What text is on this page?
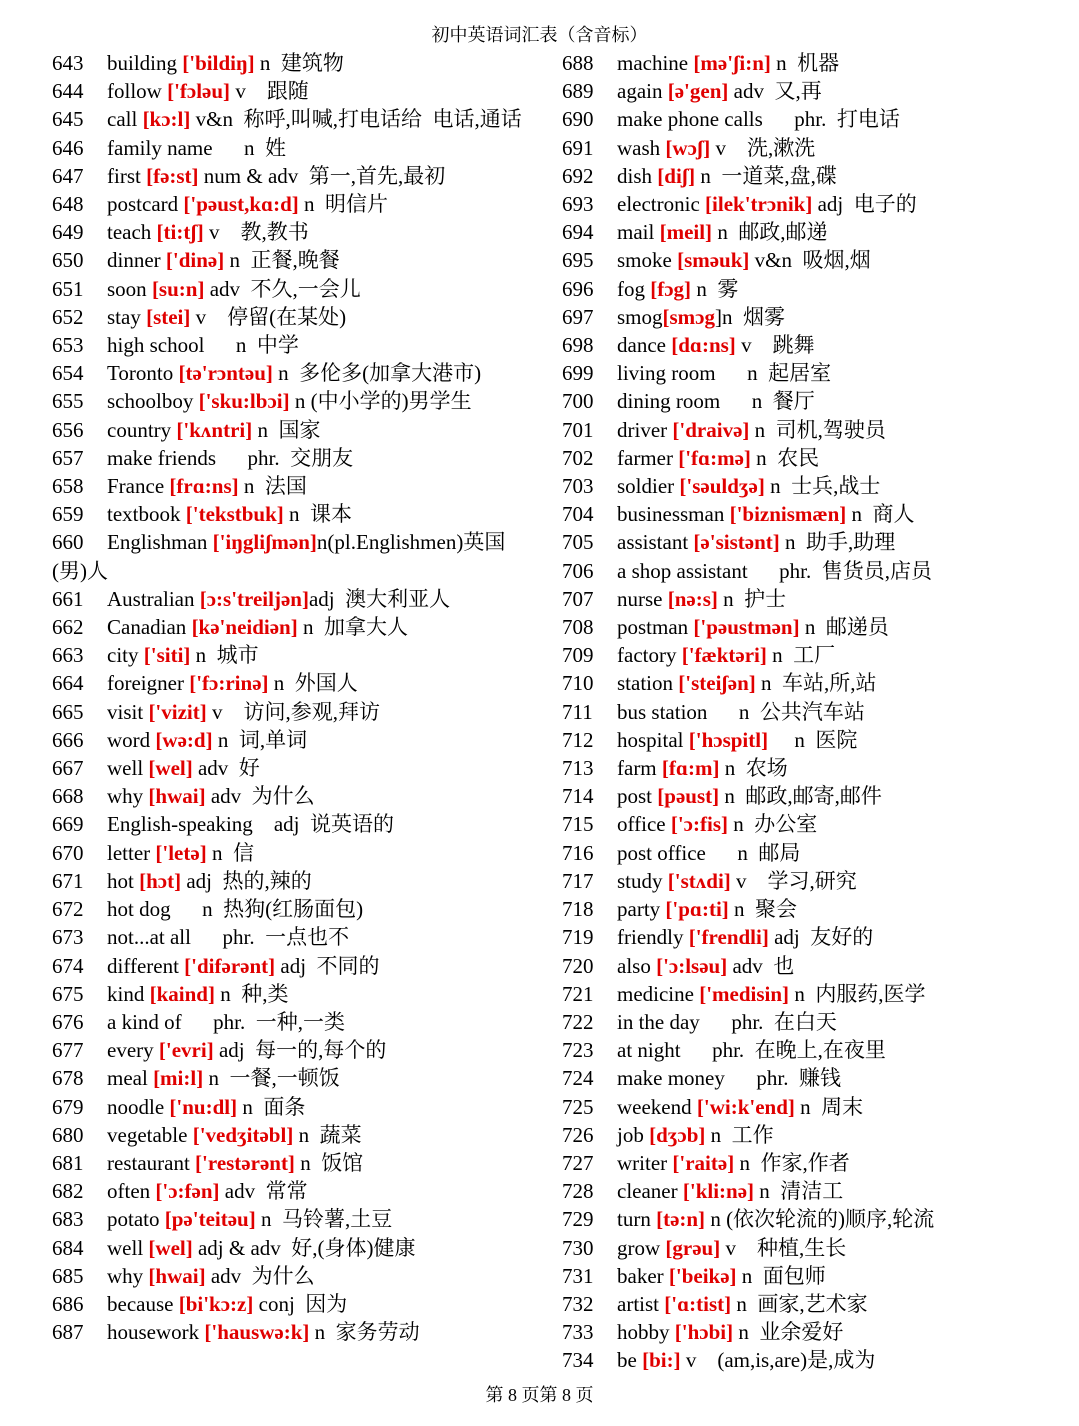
初中英语词汇表（含音标）
643 building ['bildiŋ] n  建筑物
644 follow ['fɔləu] v    跟随
645 call [kɔ:l] v&n  称呼,叫喊,打电话给  电话,通话
646 family name      n  姓
647 first [fə:st] num & adv  第一,首先,最初
648 postcard ['pəust,kɑ:d] n  明信片
649 teach [ti:tʃ] v    教,教书
650 dinner ['dinə] n  正餐,晚餐
651 soon [su:n] adv  不久,一会儿
652 stay [stei] v    停留(在某处)
653 high school      n  中学
654 Toronto [tə'rɔntəu] n  多伦多(加拿大港市)
655 schoolboy ['sku:lbɔi] n (中小学的)男学生
656 country ['kʌntri] n  国家
657 make friends      phr.  交朋友
658 France [frɑ:ns] n  法国
659 textbook ['tekstbuk] n  课本
660 Englishman ['iŋgliʃmən]n(pl.Englishmen)英国(男)人
661 Australian [ɔ:s'treiljən]adj  澳大利亚人
662 Canadian [kə'neidiən] n  加拿大人
663 city ['siti] n  城市
664 foreigner ['fɔ:rinə] n  外国人
665 visit ['vizit] v    访问,参观,拜访
666 word [wə:d] n  词,单词
667 well [wel] adv  好
668 why [hwai] adv  为什么
669 English-speaking    adj  说英语的
670 letter ['letə] n  信
671 hot [hɔt] adj  热的,辣的
672 hot dog      n  热狗(红肠面包)
673 not...at all      phr.  一点也不
674 different ['difərənt] adj  不同的
675 kind [kaind] n  种,类
676 a kind of      phr.  一种,一类
677 every ['evri] adj  每一的,每个的
678 meal [mi:l] n  一餐,一顿饭
679 noodle ['nu:dl] n  面条
680 vegetable ['vedʒitəbl] n  蔬菜
681 restaurant ['restərənt] n  饭馆
682 often ['ɔ:fən] adv  常常
683 potato [pə'teitəu] n  马铃薯,土豆
684 well [wel] adj & adv  好,(身体)健康
685 why [hwai] adv  为什么
686 because [bi'kɔ:z] conj  因为
687 housework ['hauswə:k] n  家务劳动
688 machine [mə'ʃi:n] n  机器
689 again [ə'gen] adv  又,再
690 make phone calls      phr.  打电话
691 wash [wɔʃ] v    洗,漱洗
692 dish [diʃ] n  一道菜,盘,碟
693 electronic [ilek'trɔnik] adj  电子的
694 mail [meil] n  邮政,邮递
695 smoke [sməuk] v&n  吸烟,烟
696 fog [fɔg] n  雾
697 smog[smɔg]n  烟雾
698 dance [dɑ:ns] v    跳舞
699 living room      n  起居室
700 dining room      n  餐厅
701 driver ['draivə] n  司机,驾驶员
702 farmer ['fɑ:mə] n  农民
703 soldier ['səuldʒə] n  士兵,战士
704 businessman ['biznismæn] n  商人
705 assistant [ə'sistənt] n  助手,助理
706 a shop assistant      phr.  售货员,店员
707 nurse [nə:s] n  护士
708 postman ['pəustmən] n  邮递员
709 factory ['fæktəri] n  工厂
710 station ['steiʃən] n  车站,所,站
711 bus station      n  公共汽车站
712 hospital ['hɔspitl]     n  医院
713 farm [fɑ:m] n  农场
714 post [pəust] n  邮政,邮寄,邮件
715 office ['ɔ:fis] n  办公室
716 post office      n  邮局
717 study ['stʌdi] v    学习,研究
718 party ['pɑ:ti] n  聚会
719 friendly ['frendli] adj  友好的
720 also ['ɔ:lsəu] adv  也
721 medicine ['medisin] n  内服药,医学
722 in the day      phr.  在白天
723 at night      phr.  在晚上,在夜里
724 make money      phr.  赚钱
725 weekend ['wi:k'end] n  周末
726 job [dʒɔb] n  工作
727 writer ['raitə] n  作家,作者
728 cleaner ['kli:nə] n  清洁工
729 turn [tə:n] n (依次轮流的)顺序,轮流
730 grow [grəu] v    种植,生长
731 baker ['beikə] n  面包师
732 artist ['ɑ:tist] n  画家,艺术家
733 hobby ['hɔbi] n  业余爱好
734 be [bi:] v    (am,is,are)是,成为
第 8 页第 8 页
